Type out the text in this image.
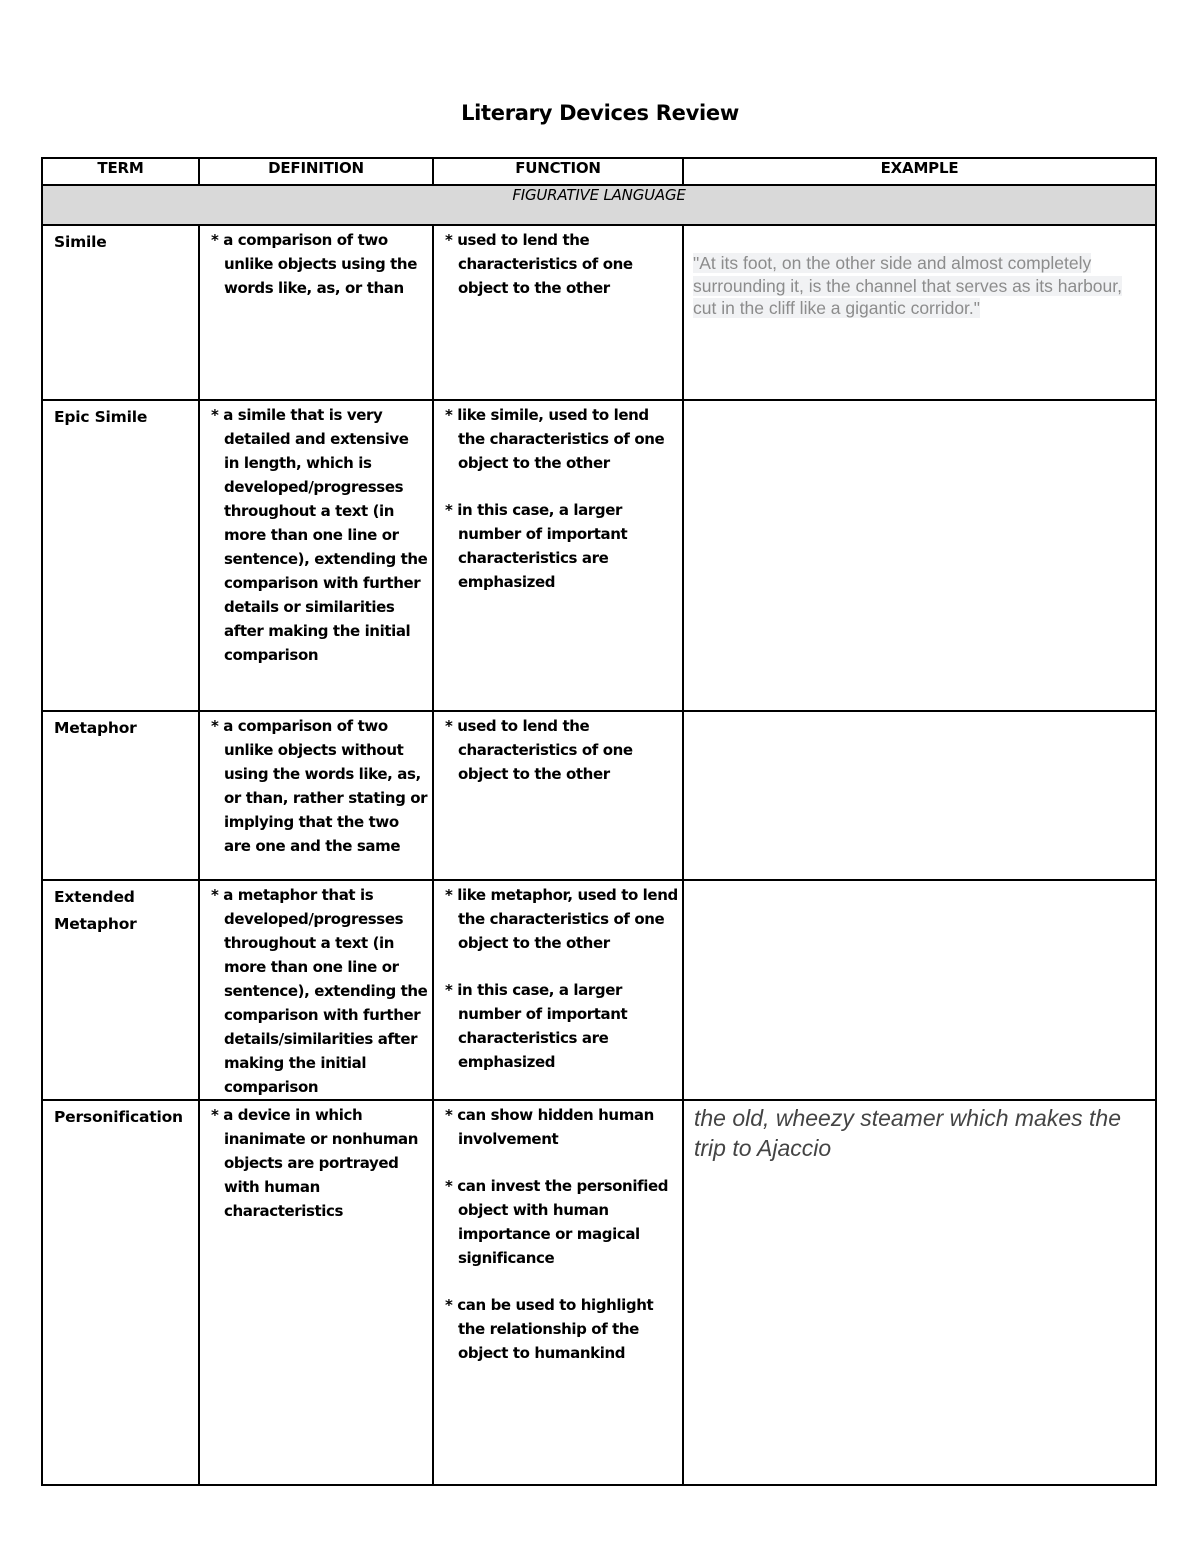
Literary Devices Review
TERM	DEFINITION	FUNCTION	EXAMPLE
FIGURATIVE LANGUAGE			
Simile	* a comparison of two unlike objects using the words like, as, or than	* used to lend the characteristics of one object to the other	"At its foot, on the other side and almost completely surrounding it, is the channel that serves as its harbour, cut in the cliff like a gigantic corridor."

Epic Simile	* a simile that is very detailed and extensive in length, which is developed/progresses throughout a text (in more than one line or sentence), extending the comparison with further details or similarities after making the initial comparison	* like simile, used to lend the characteristics of one object to the other
* in this case, a larger number of important characteristics are emphasized	

Metaphor	* a comparison of two unlike objects without using the words like, as, or than, rather stating or implying that the two are one and the same	* used to lend the characteristics of one object to the other	

Extended Metaphor	* a metaphor that is developed/progresses throughout a text (in more than one line or sentence), extending the comparison with further details/similarities after making the initial comparison	* like metaphor, used to lend the characteristics of one object to the other
* in this case, a larger number of important characteristics are emphasized	

Personification	* a device in which inanimate or nonhuman objects are portrayed with human characteristics	* can show hidden human involvement
* can invest the personified object with human importance or magical significance
* can be used to highlight the relationship of the object to humankind	the old, wheezy steamer which makes the trip to Ajaccio
